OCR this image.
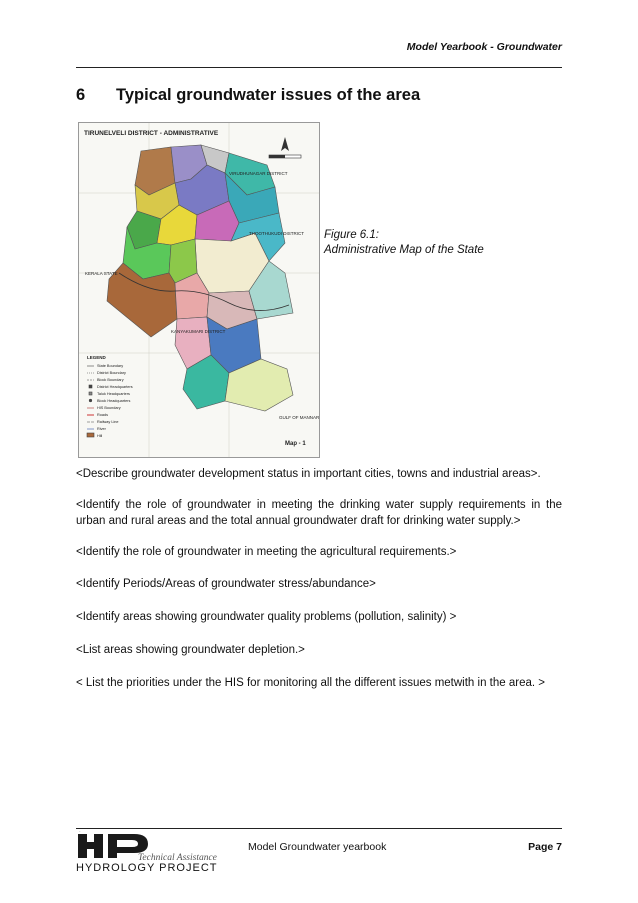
Model Yearbook - Groundwater
6 Typical groundwater issues of the area
TIRUNELVELI DISTRICT - ADMINISTRATIVE
VIRUDHUNAGAR DISTRICT
THOOTHUKUDI DISTRICT
KERALA STATE
KANYAKUMARI DISTRICT
GULF OF MANNAR
Map - 1
LEGEND
State Boundary
District Boundary
Block Boundary
District Headquarters
Taluk Headquarters
Block Headquarters
HIS Boundary
Roads
Railway Line
River
Hill
Figure 6.1:
Administrative Map of the State
<Describe groundwater development status in important cities, towns and industrial areas>.
<Identify the role of groundwater in meeting the drinking water supply requirements in the urban and rural areas and the total annual groundwater draft for drinking water supply.>
<Identify the role of groundwater in meeting the agricultural requirements.>
<Identify Periods/Areas of groundwater stress/abundance>
<Identify areas showing groundwater quality problems (pollution, salinity) >
<List areas showing groundwater depletion.>
< List the priorities under the HIS for monitoring all the different issues metwith in the area. >
HP
Technical Assistance
HYDROLOGY PROJECT
Model Groundwater yearbook	Page 7
